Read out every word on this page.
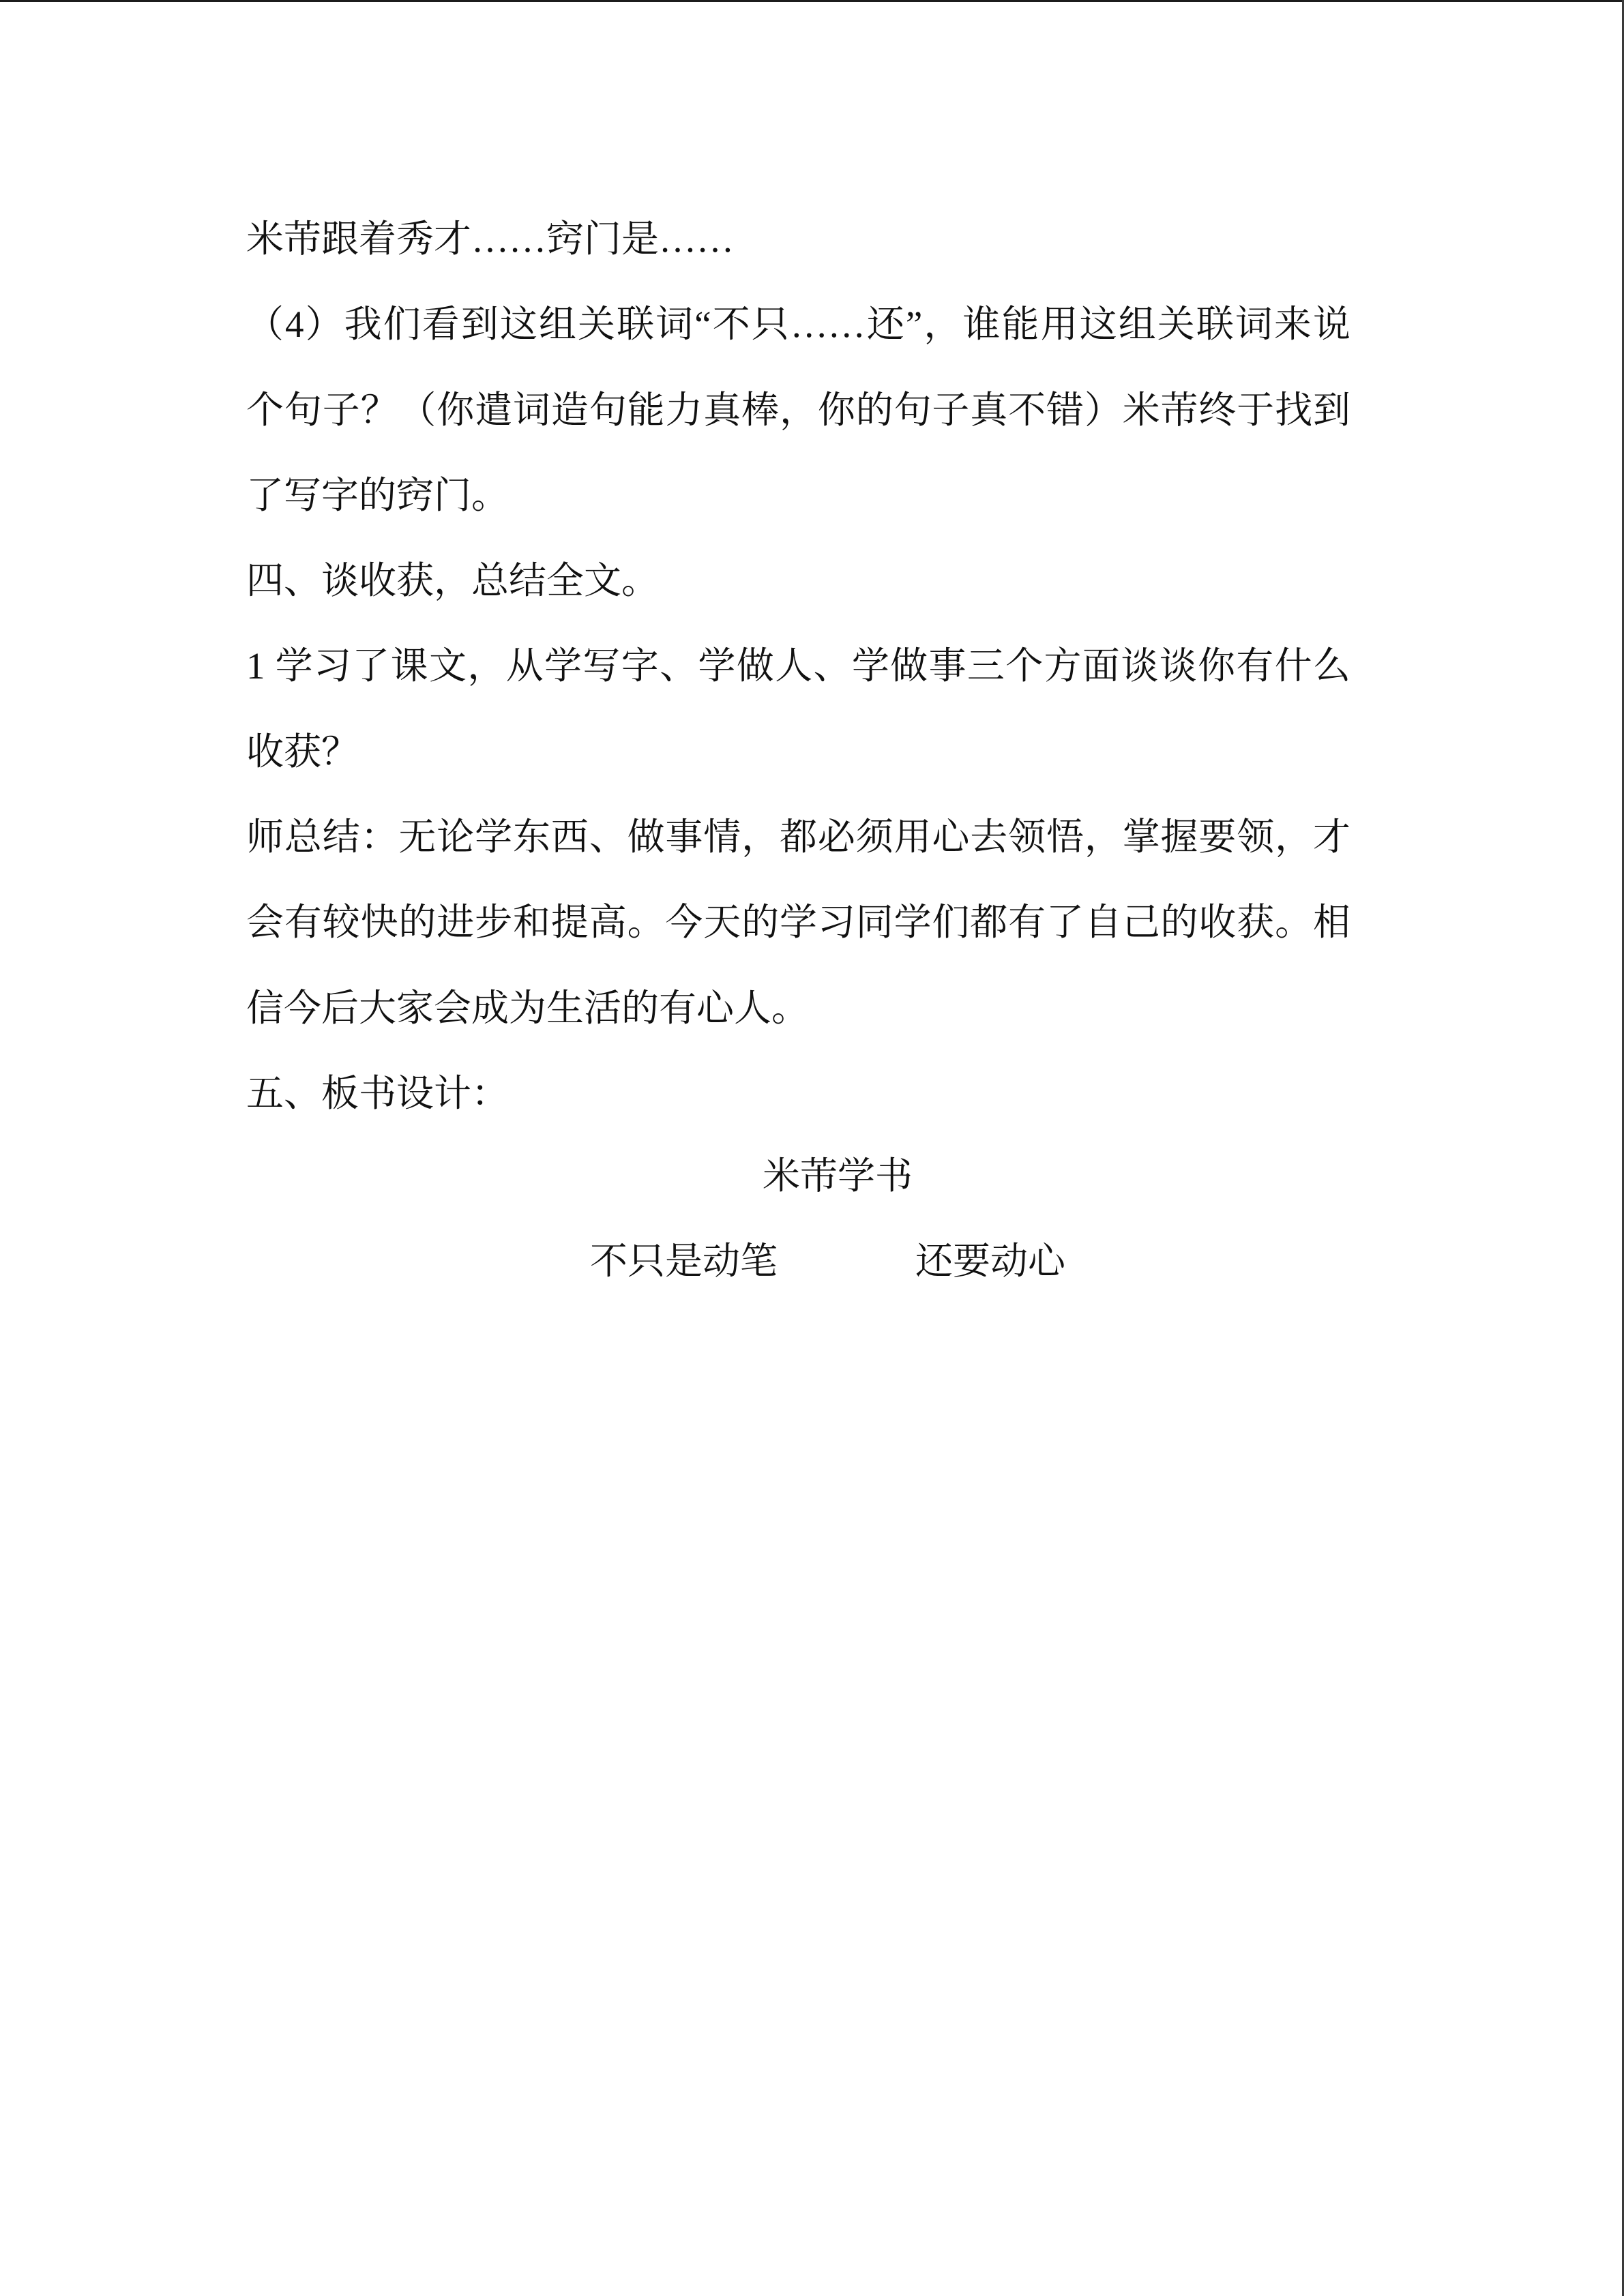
米芾跟着秀才……窍门是……
（4）我们看到这组关联词“不只……还”，谁能用这组关联词来说
个句子？（你遣词造句能力真棒，你的句子真不错）米芾终于找到
了写字的窍门。
四、谈收获，总结全文。
1 学习了课文，从学写字、学做人、学做事三个方面谈谈你有什么
收获？
师总结：无论学东西、做事情，都必须用心去领悟，掌握要领，才
会有较快的进步和提高。今天的学习同学们都有了自己的收获。相
信今后大家会成为生活的有心人。
五、板书设计：
米芾学书
不只是动笔	还要动心
